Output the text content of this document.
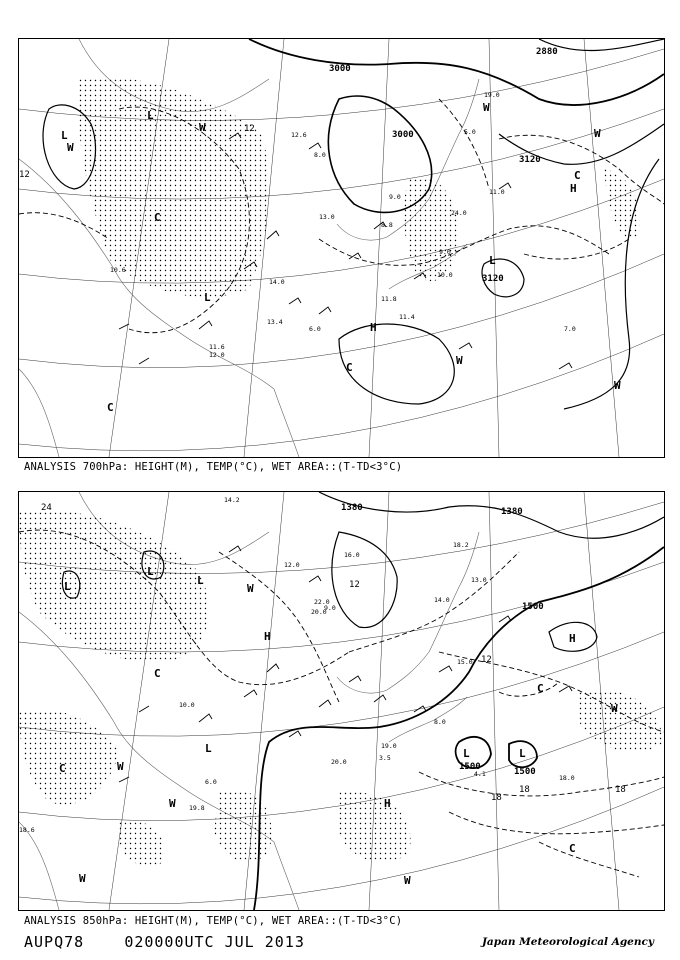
3000
3000
3120
3120
2880
12
12
L
L
L
L
H
H
C
C
C
C
W
W
W
W
W
W
13.0
8.0
12.6
24.0
9.0
11.8
11.4
8.8
19.0
14.0
10.6
11.6
12.0
13.4
6.0
9.0
7.0
10.0
5.0
11.0
ANALYSIS 700hPa: HEIGHT(M), TEMP(°C), WET AREA::(T-TD<3°C)
1380	1380
1500
1500	1500
24
12
12
18
18	18
L
L
L
L	L	L
H	H
H
C
C
C
C
W
W
W
W	W
W
14.2
22.0
20.0
18.2
13.0
14.0
15.0
19.0
20.0
18.0
18.6
19.8
6.0
4.1
3.5
9.0
16.0
12.0
8.0
10.0
ANALYSIS 850hPa: HEIGHT(M), TEMP(°C), WET AREA::(T-TD<3°C)
AUPQ78	020000UTC JUL 2013	Japan Meteorological Agency
